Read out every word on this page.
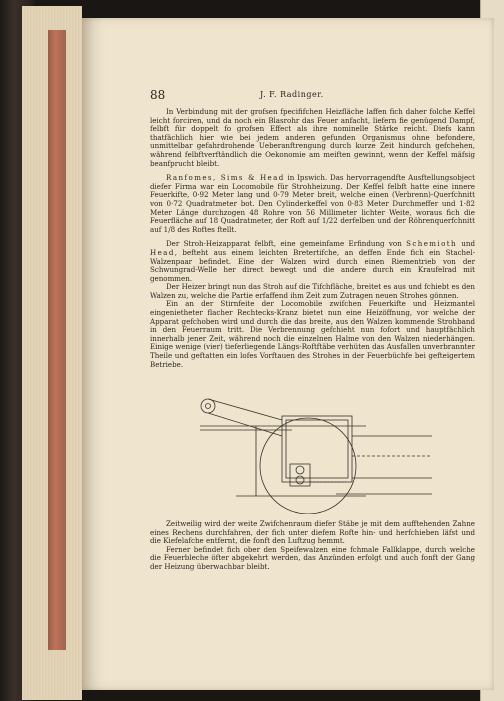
88	J. F. Radinger.

In Verbindung mit der grofsen fpecififchen Heizfläche laffen fich daher folche Keffel leicht forciren, und da noch ein Blasrohr das Feuer anfacht, liefern fie genügend Dampf, felbft für doppelt fo grofsen Effect als ihre nominelle Stärke reicht. Diefs kann thatfächlich hier wie bei jedem anderen gefunden Organismus ohne befondere, unmittelbar gefahrdrohende Ueberanftrengung durch kurze Zeit hindurch gefchehen, während felbftverftändlich die Oekonomie am meiften gewinnt, wenn der Keffel mäfsig beanfprucht bleibt.

Ranfomes, Sims & Head in Ipswich. Das hervorragendfte Ausftellungsobject diefer Firma war ein Locomobile für Strohheizung. Der Keffel felbft hatte eine innere Feuerkifte, 0·92 Meter lang und 0·79 Meter breit, welche einen (Verbrenn)-Querfchnitt von 0·72 Quadratmeter bot. Den Cylinderkeffel von 0·83 Meter Durchmeffer und 1·82 Meter Länge durchzogen 48 Rohre von 56 Millimeter lichter Weite, woraus fich die Feuerfläche auf 18 Quadratmeter, der Roft auf 1/22 derfelben und der Röhrenquerfchnitt auf 1/8 des Roftes ftellt.

Der Stroh-Heizapparat felbft, eine gemeinfame Erfindung von Schemioth und Head, befteht aus einem leichten Bretertifche, an deffen Ende fich ein Stachel-Walzenpaar befindet. Eine der Walzen wird durch einen Riementrieb von der Schwungrad-Welle her direct bewegt und die andere durch ein Kraufelrad mit genommen.

Der Heizer bringt nun das Stroh auf die Tifchfläche, breitet es aus und fchiebt es den Walzen zu, welche die Partie erfaffend ihm Zeit zum Zutragen neuen Strohes gönnen.

Ein an der Stirnfeite der Locomobile zwifchen Feuerkifte und Heizmantel eingenietheter flacher Rechtecks-Kranz bietet nun eine Heizöffnung, vor welche der Apparat gefchoben wird und durch die das breite, aus den Walzen kommende Strohband in den Feuerraum tritt. Die Verbrennung gefchieht nun fofort und hauptfächlich innerhalb jener Zeit, während noch die einzelnen Halme von den Walzen niederhängen. Einige wenige (vier) tieferliegende Längs-Roftftäbe verhüten das Ausfallen unverbrannter Theile und geftatten ein lofes Vorftauen des Strohes in der Feuerbüchfe bei gefteigertem Betriebe.

Zeitweilig wird der weite Zwifchenraum diefer Stäbe je mit dem aufftehenden Zahne eines Rechens durchfahren, der fich unter diefem Rofte hin- und herfchieben läfst und die Kiefelafche entfernt, die fonft den Luftzug hemmt.

Ferner befindet fich ober den Speifewalzen eine fchmale Fallklappe, durch welche die Feuerbleche öfter abgekehrt werden, das Anzünden erfolgt und auch fonft der Gang der Heizung überwachbar bleibt.
